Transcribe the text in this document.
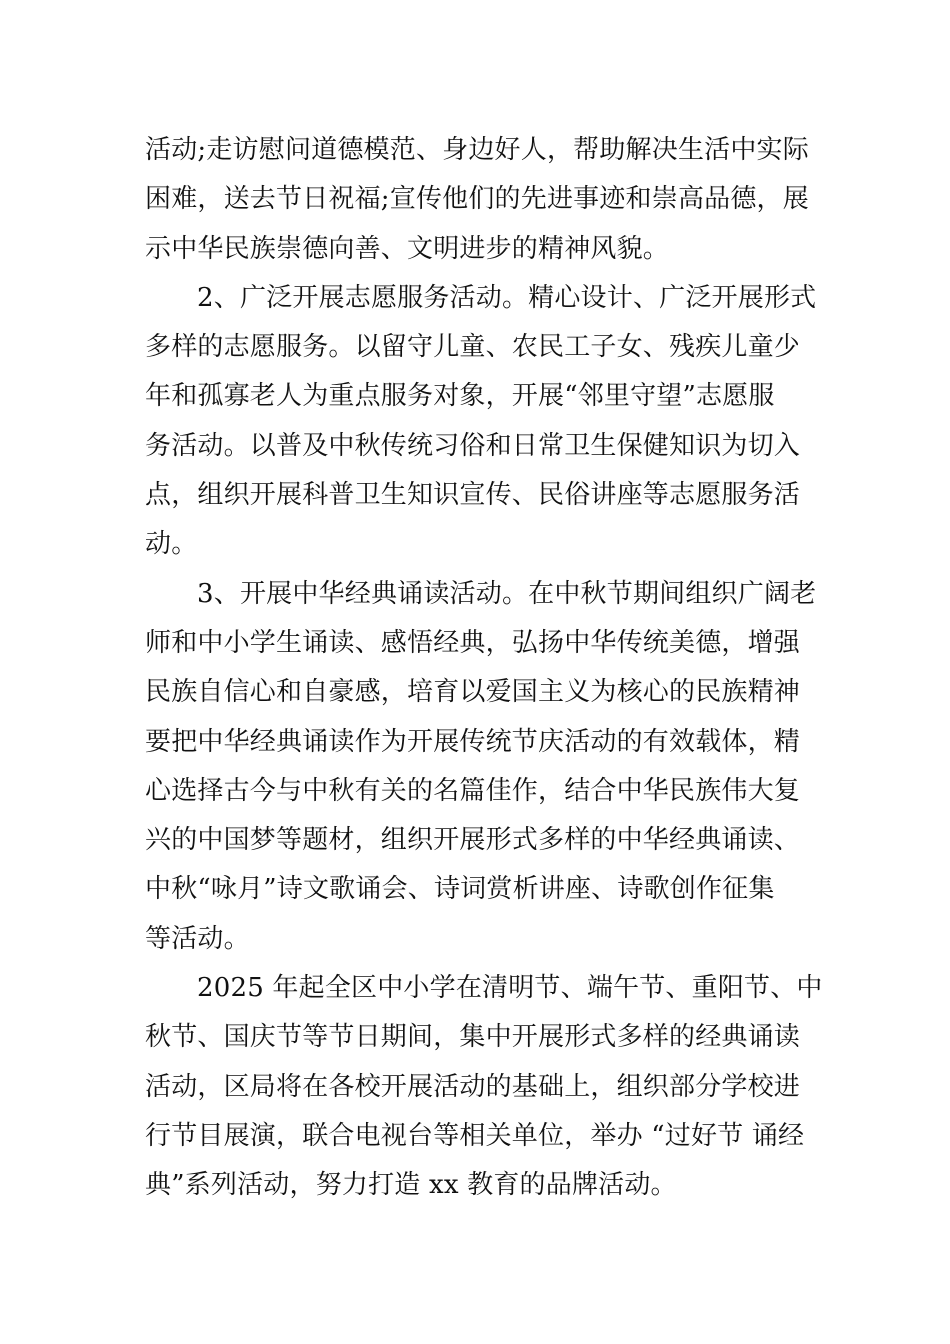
活动;走访慰问道德模范、身边好人，帮助解决生活中实际
困难，送去节日祝福;宣传他们的先进事迹和崇高品德，展
示中华民族崇德向善、文明进步的精神风貌。
2、广泛开展志愿服务活动。精心设计、广泛开展形式
多样的志愿服务。以留守儿童、农民工子女、残疾儿童少
年和孤寡老人为重点服务对象，开展“邻里守望”志愿服
务活动。以普及中秋传统习俗和日常卫生保健知识为切入
点，组织开展科普卫生知识宣传、民俗讲座等志愿服务活
动。
3、开展中华经典诵读活动。在中秋节期间组织广阔老
师和中小学生诵读、感悟经典，弘扬中华传统美德，增强
民族自信心和自豪感，培育以爱国主义为核心的民族精神
要把中华经典诵读作为开展传统节庆活动的有效载体，精
心选择古今与中秋有关的名篇佳作，结合中华民族伟大复
兴的中国梦等题材，组织开展形式多样的中华经典诵读、
中秋“咏月”诗文歌诵会、诗词赏析讲座、诗歌创作征集
等活动。
2025 年起全区中小学在清明节、端午节、重阳节、中
秋节、国庆节等节日期间，集中开展形式多样的经典诵读
活动，区局将在各校开展活动的基础上，组织部分学校进
行节目展演，联合电视台等相关单位，举办 “过好节 诵经
典”系列活动，努力打造 xx 教育的品牌活动。
